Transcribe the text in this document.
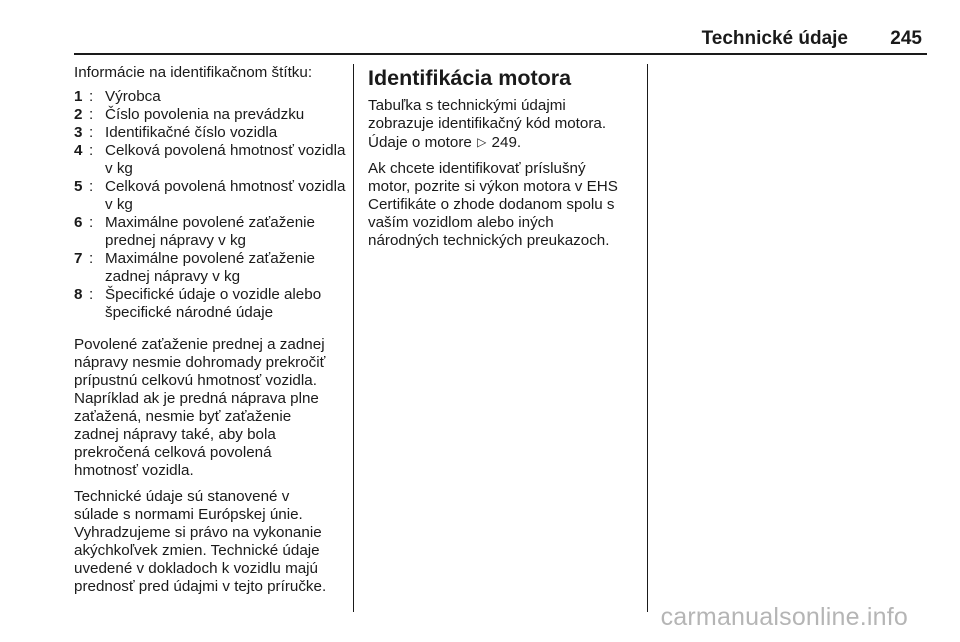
Technické údaje 245
Informácie na identifikačnom štítku:
1 : Výrobca
2 : Číslo povolenia na prevádzku
3 : Identifikačné číslo vozidla
4 : Celková povolená hmotnosť vozidla v kg
5 : Celková povolená hmotnosť vozidla v kg
6 : Maximálne povolené zaťaženie prednej nápravy v kg
7 : Maximálne povolené zaťaženie zadnej nápravy v kg
8 : Špecifické údaje o vozidle alebo špecifické národné údaje
Povolené zaťaženie prednej a zadnej
nápravy nesmie dohromady prekročiť
prípustnú celkovú hmotnosť vozidla.
Napríklad ak je predná náprava plne
zaťažená, nesmie byť zaťaženie
zadnej nápravy také, aby bola
prekročená celková povolená
hmotnosť vozidla.
Technické údaje sú stanovené v
súlade s normami Európskej únie.
Vyhradzujeme si právo na vykonanie
akýchkoľvek zmien. Technické údaje
uvedené v dokladoch k vozidlu majú
prednosť pred údajmi v tejto príručke.
Identifikácia motora
Tabuľka s technickými údajmi
zobrazuje identifikačný kód motora.
Údaje o motore ▷ 249.
Ak chcete identifikovať príslušný
motor, pozrite si výkon motora v EHS
Certifikáte o zhode dodanom spolu s
vaším vozidlom alebo iných
národných technických preukazoch.
carmanualsonline.info
